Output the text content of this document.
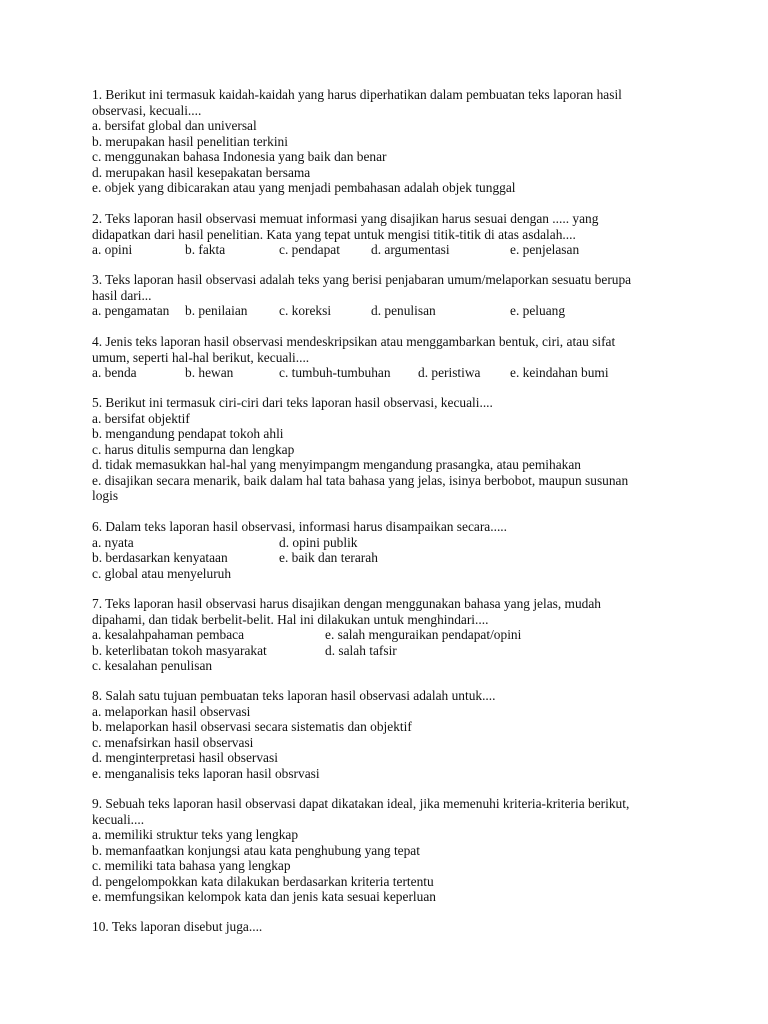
1. Berikut ini termasuk kaidah-kaidah yang harus diperhatikan dalam pembuatan teks laporan hasil
observasi, kecuali....
a. bersifat global dan universal
b. merupakan hasil penelitian terkini
c. menggunakan bahasa Indonesia yang baik dan benar
d. merupakan hasil kesepakatan bersama
e. objek yang dibicarakan atau yang menjadi pembahasan adalah objek tunggal
2. Teks laporan hasil observasi memuat informasi yang disajikan harus sesuai dengan ..... yang
didapatkan dari hasil penelitian. Kata yang tepat untuk mengisi titik-titik di atas asdalah....
a. opini	b. fakta	c. pendapat d. argumentasi	e. penjelasan
3. Teks laporan hasil observasi adalah teks yang berisi penjabaran umum/melaporkan sesuatu berupa
hasil dari...
a. pengamatan b. penilaian c. koreksi	d. penulisan	e. peluang
4. Jenis teks laporan hasil observasi mendeskripsikan atau menggambarkan bentuk, ciri, atau sifat
umum, seperti hal-hal berikut, kecuali....
a. benda	b. hewan	c. tumbuh-tumbuhan d. peristiwa e. keindahan bumi
5. Berikut ini termasuk ciri-ciri dari teks laporan hasil observasi, kecuali....
a. bersifat objektif
b. mengandung pendapat tokoh ahli
c. harus ditulis sempurna dan lengkap
d. tidak memasukkan hal-hal yang menyimpangm mengandung prasangka, atau pemihakan
e. disajikan secara menarik, baik dalam hal tata bahasa yang jelas, isinya berbobot, maupun susunan
logis
6. Dalam teks laporan hasil observasi, informasi harus disampaikan secara.....
a. nyata	d. opini publik
b. berdasarkan kenyataan	e. baik dan terarah
c. global atau menyeluruh
7. Teks laporan hasil observasi harus disajikan dengan menggunakan bahasa yang jelas, mudah
dipahami, dan tidak berbelit-belit. Hal ini dilakukan untuk menghindari....
a. kesalahpahaman pembaca	e. salah menguraikan pendapat/opini
b. keterlibatan tokoh masyarakat	d. salah tafsir
c. kesalahan penulisan
8. Salah satu tujuan pembuatan teks laporan hasil observasi adalah untuk....
a. melaporkan hasil observasi
b. melaporkan hasil observasi secara sistematis dan objektif
c. menafsirkan hasil observasi
d. menginterpretasi hasil observasi
e. menganalisis teks laporan hasil obsrvasi
9. Sebuah teks laporan hasil observasi dapat dikatakan ideal, jika memenuhi kriteria-kriteria berikut,
kecuali....
a. memiliki struktur teks yang lengkap
b. memanfaatkan konjungsi atau kata penghubung yang tepat
c. memiliki tata bahasa yang lengkap
d. pengelompokkan kata dilakukan berdasarkan kriteria tertentu
e. memfungsikan kelompok kata dan jenis kata sesuai keperluan
10. Teks laporan disebut juga....
